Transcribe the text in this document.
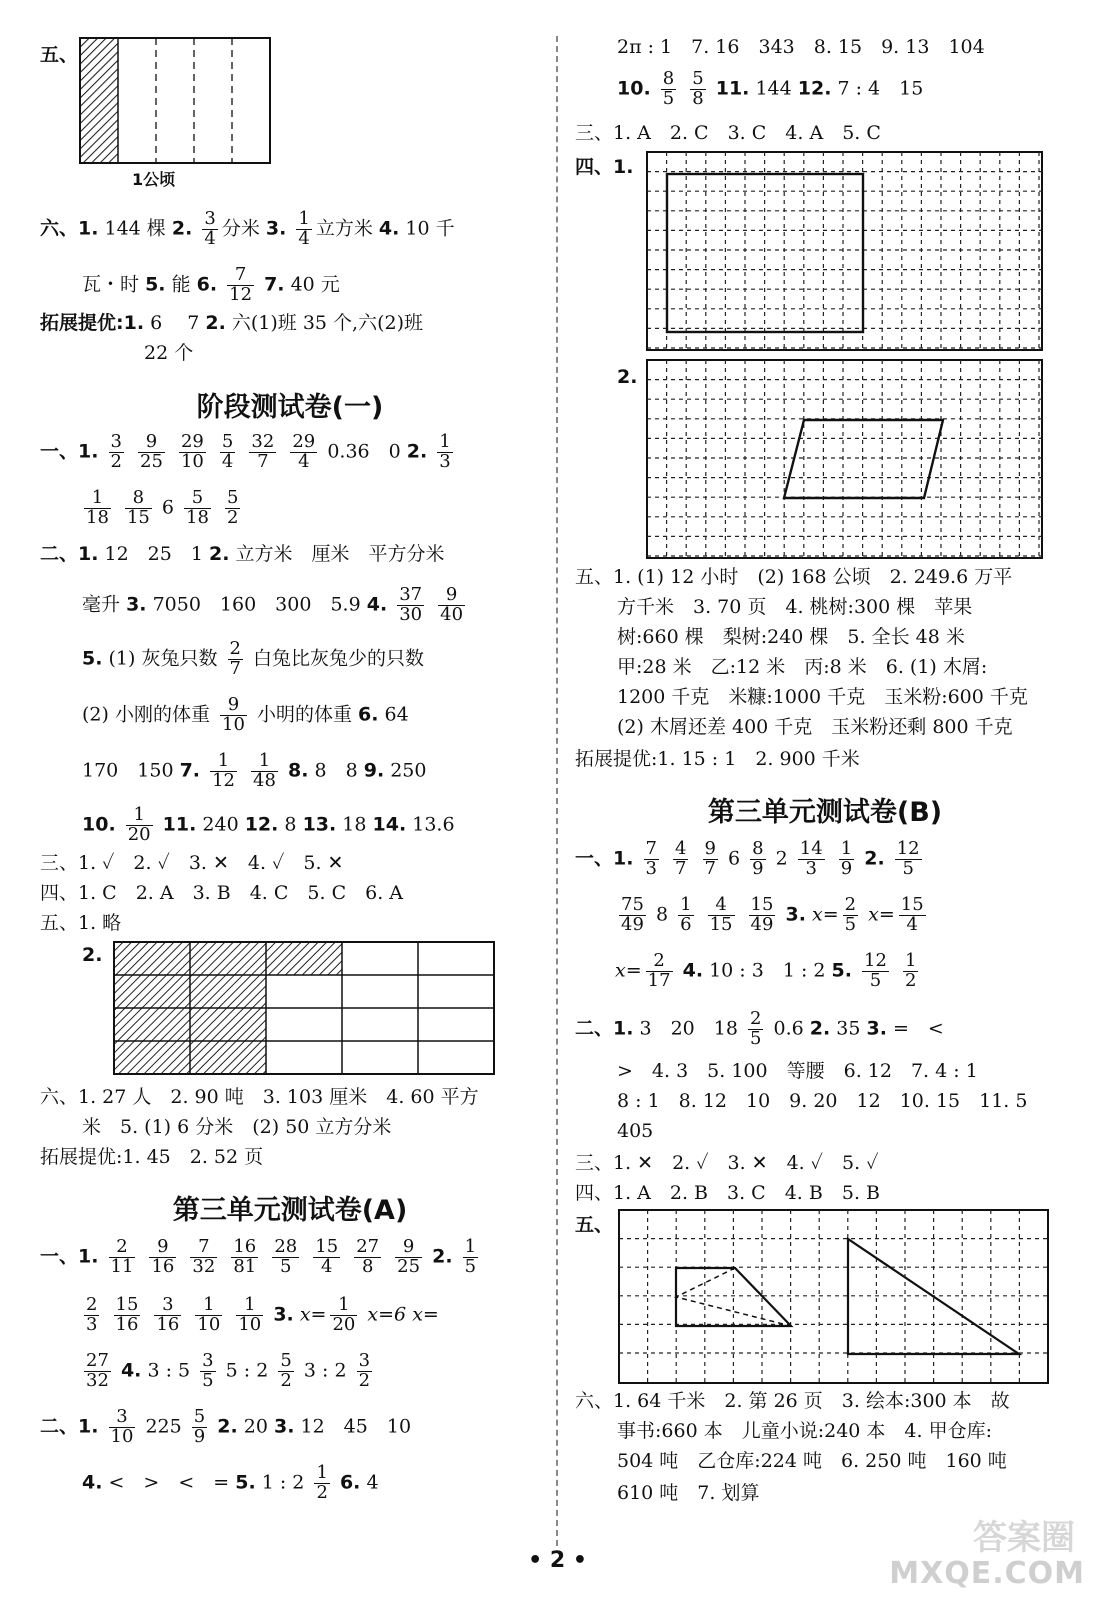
五、
1公顷
六、1. 144 棵 2. $\frac{3}{4}$ 分米 3. $\frac{1}{4}$ 立方米 4. 10 千
瓦・时 5. 能 6. $\frac{7}{12} 7$. 40 元
拓展提优:1. 6　 7 2. 六(1)班 35 个,六(2)班
22 个
阶段测试卷(一)
一、1. $\frac{3}{2}$
$\frac{9}{25}$
$\frac{29}{10}$
$\frac{5}{4}$
$\frac{32}{7}$
$\frac{29}{4} 0.36$　0 2. $\frac{1}{3}$
$\frac{1}{18}$
$\frac{8}{15} 6 \frac{5}{18}$
$\frac{5}{2}$
二、1. 12　25　1 2. 立方米　厘米　平方分米
毫升 3. 7050　160　300　5.9 4. $\frac{37}{30}$
$\frac{9}{40}$
5. (1) 灰兔只数 $\frac{2}{7}$ 白兔比灰兔少的只数
(2) 小刚的体重 $\frac{9}{10}$ 小明的体重 6. 64
170　150 7. $\frac{1}{12}$
$\frac{1}{48} 8$. 8　8 9. 250
10. $\frac{1}{20} 11$. 240 12. 8 13. 18 14. 13.6
三、1. ✓　2. ✓　3. ✕　4. ✓　5. ✕
四、1. C　2. A　3. B　4. C　5. C　6. A
五、1. 略
2.
六、1. 27 人　2. 90 吨　3. 103 厘米　4. 60 平方
米　5. (1) 6 分米　(2) 50 立方分米
拓展提优:1. 45　2. 52 页
第三单元测试卷(A)
一、1. $\frac{2}{11}$
$\frac{9}{16}$
$\frac{7}{32}$
$\frac{16}{81}$
$\frac{28}{5}$
$\frac{15}{4}$
$\frac{27}{8}$
$\frac{9}{25} 2$. $\frac{1}{5}$
$\frac{2}{3}$
$\frac{15}{16}$
$\frac{3}{16}$
$\frac{1}{10}$
$\frac{1}{10} 3$. $x= \frac{1}{20} x=6$ x=
$\frac{27}{32} 4$. 3 : $5 \frac{3}{5} 5$ : $2 \frac{5}{2} 3$ : $2 \frac{3}{2}$
二、1. $\frac{3}{10} 225 \frac{5}{9} 2$. 20 3. 12　45　10
4. <　>　<　= 5. 1 : $2 \frac{1}{2} 6$. 4
2π : 1　7. 16　343　8. 15　9. 13　104
10. $\frac{8}{5}$
$\frac{5}{8} 11$. 144 12. 7 : 4　15
三、1. A　2. C　3. C　4. A　5. C
四、1.
2.
五、1. (1) 12 小时　(2) 168 公顷　2. 249.6 万平
方千米　3. 70 页　4. 桃树:300 棵　苹果
树:660 棵　梨树:240 棵　5. 全长 48 米
甲:28 米　乙:12 米　丙:8 米　6. (1) 木屑:
1200 千克　米糠:1000 千克　玉米粉:600 千克
(2) 木屑还差 400 千克　玉米粉还剩 800 千克
拓展提优:1. 15 : 1　2. 900 千米
第三单元测试卷(B)
一、1. $\frac{7}{3}$
$\frac{4}{7}$
$\frac{9}{7} 6 \frac{8}{9} 2 \frac{14}{3}$
$\frac{1}{9} 2$. $\frac{12}{5}$
$\frac{75}{49} 8 \frac{1}{6}$
$\frac{4}{15}$
$\frac{15}{49} 3$. $x= \frac{2}{5} x= \frac{15}{4}$
$x= \frac{2}{17} 4$. 10 : 3　1 : 2 5. $\frac{12}{5}$
$\frac{1}{2}$
二、1. 3　20　$18 \frac{2}{5} 0.6$ 2. 35 3. =　<
>　4. 3　5. 100　等腰　6. 12　7. 4 : 1
8 : 1　8. 12　10　9. 20　12　10. 15　11. 5
405
三、1. ✕　2. ✓　3. ✕　4. ✓　5. ✓
四、1. A　2. B　3. C　4. B　5. B
五、
六、1. 64 千米　2. 第 26 页　3. 绘本:300 本　故
事书:660 本　儿童小说:240 本　4. 甲仓库:
504 吨　乙仓库:224 吨　6. 250 吨　160 吨
610 吨　7. 划算
• 2 •
答案圈
MXQE.COM
